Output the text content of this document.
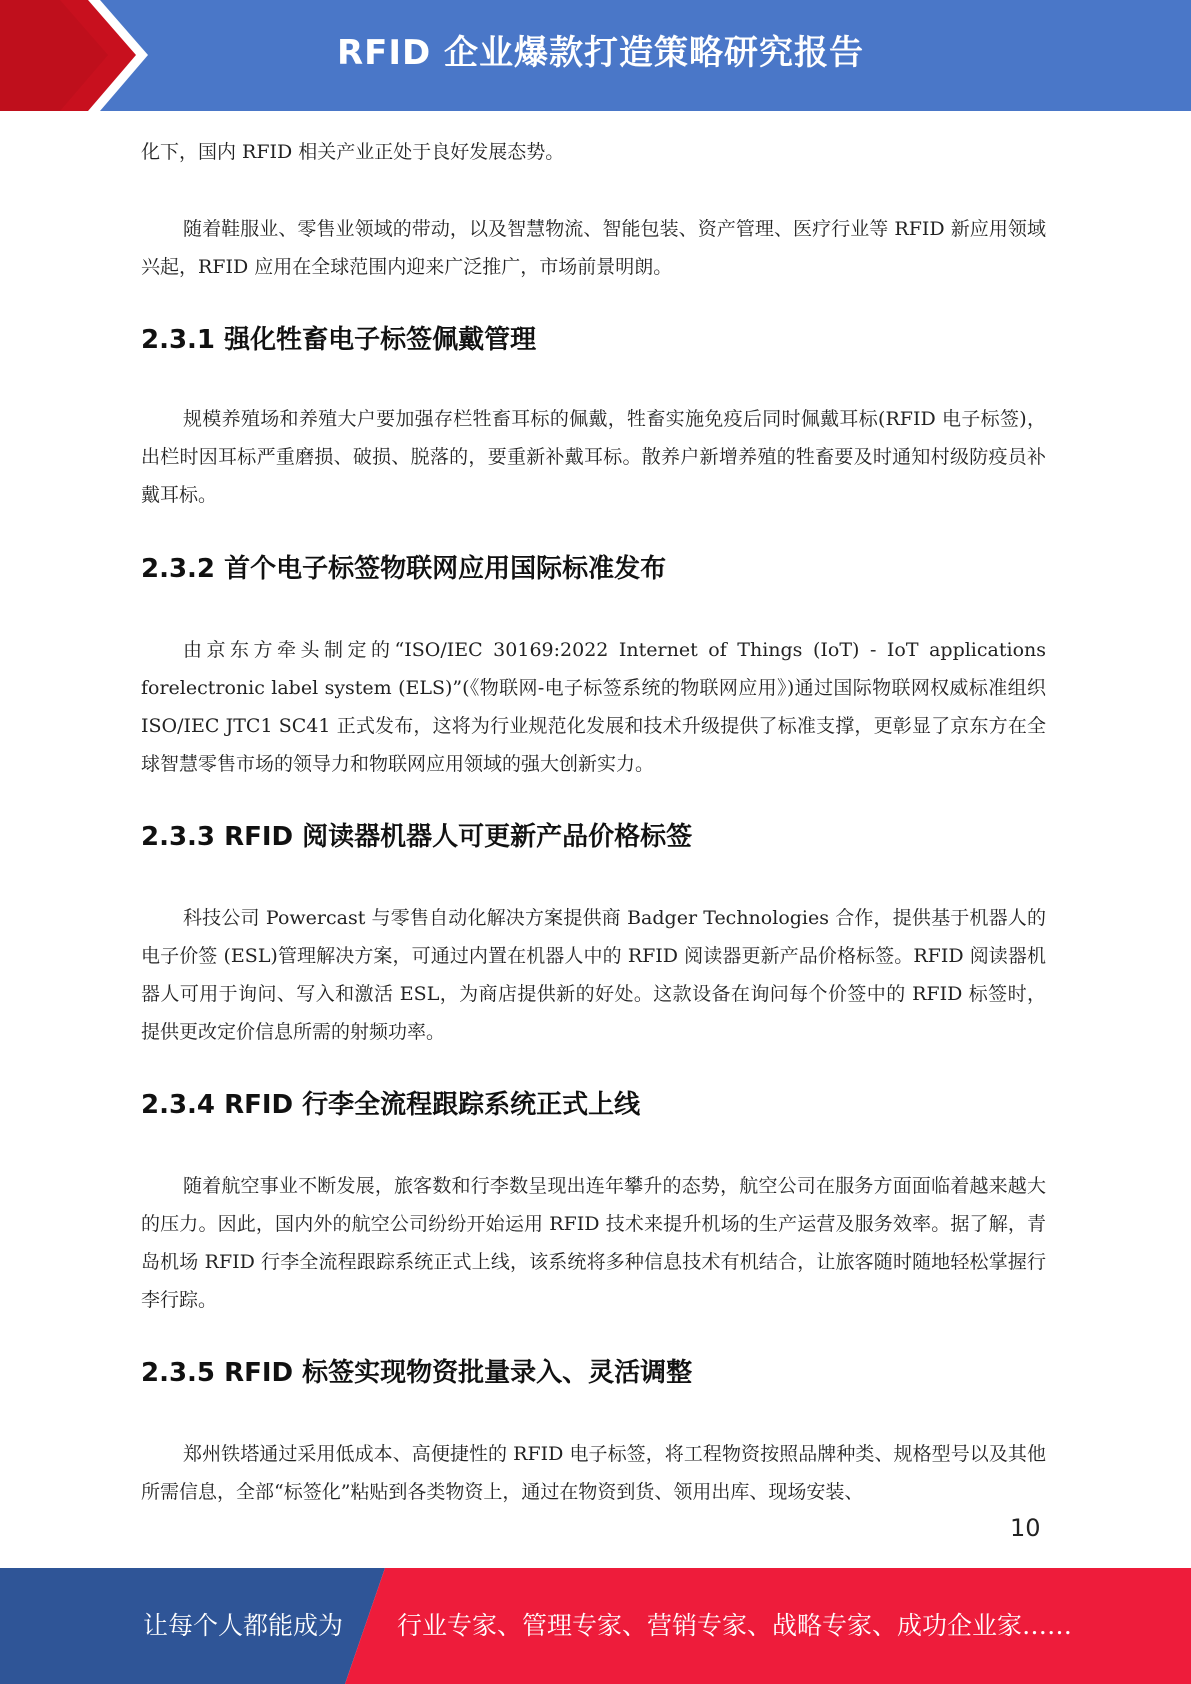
RFID 企业爆款打造策略研究报告
化下，国内 RFID 相关产业正处于良好发展态势。
随着鞋服业、零售业领域的带动，以及智慧物流、智能包装、资产管理、医疗行业等 RFID 新应用领域兴起，RFID 应用在全球范围内迎来广泛推广，市场前景明朗。
2.3.1 强化牲畜电子标签佩戴管理
规模养殖场和养殖大户要加强存栏牲畜耳标的佩戴，牲畜实施免疫后同时佩戴耳标(RFID 电子标签)，出栏时因耳标严重磨损、破损、脱落的，要重新补戴耳标。散养户新增养殖的牲畜要及时通知村级防疫员补戴耳标。
2.3.2 首个电子标签物联网应用国际标准发布
由京东方牵头制定的“ISO/IEC 30169:2022 Internet of Things (IoT) - IoT applications forelectronic label system (ELS)”(《物联网-电子标签系统的物联网应用》)通过国际物联网权威标准组织 ISO/IEC JTC1 SC41 正式发布，这将为行业规范化发展和技术升级提供了标准支撑，更彰显了京东方在全球智慧零售市场的领导力和物联网应用领域的强大创新实力。
2.3.3 RFID 阅读器机器人可更新产品价格标签
科技公司 Powercast 与零售自动化解决方案提供商 Badger Technologies 合作，提供基于机器人的电子价签 (ESL)管理解决方案，可通过内置在机器人中的 RFID 阅读器更新产品价格标签。RFID 阅读器机器人可用于询问、写入和激活 ESL，为商店提供新的好处。这款设备在询问每个价签中的 RFID 标签时，提供更改定价信息所需的射频功率。
2.3.4 RFID 行李全流程跟踪系统正式上线
随着航空事业不断发展，旅客数和行李数呈现出连年攀升的态势，航空公司在服务方面面临着越来越大的压力。因此，国内外的航空公司纷纷开始运用 RFID 技术来提升机场的生产运营及服务效率。据了解，青岛机场 RFID 行李全流程跟踪系统正式上线，该系统将多种信息技术有机结合，让旅客随时随地轻松掌握行李行踪。
2.3.5 RFID 标签实现物资批量录入、灵活调整
郑州铁塔通过采用低成本、高便捷性的 RFID 电子标签，将工程物资按照品牌种类、规格型号以及其他所需信息，全部“标签化”粘贴到各类物资上，通过在物资到货、领用出库、现场安装、
10
让每个人都能成为 行业专家、管理专家、营销专家、战略专家、成功企业家……
